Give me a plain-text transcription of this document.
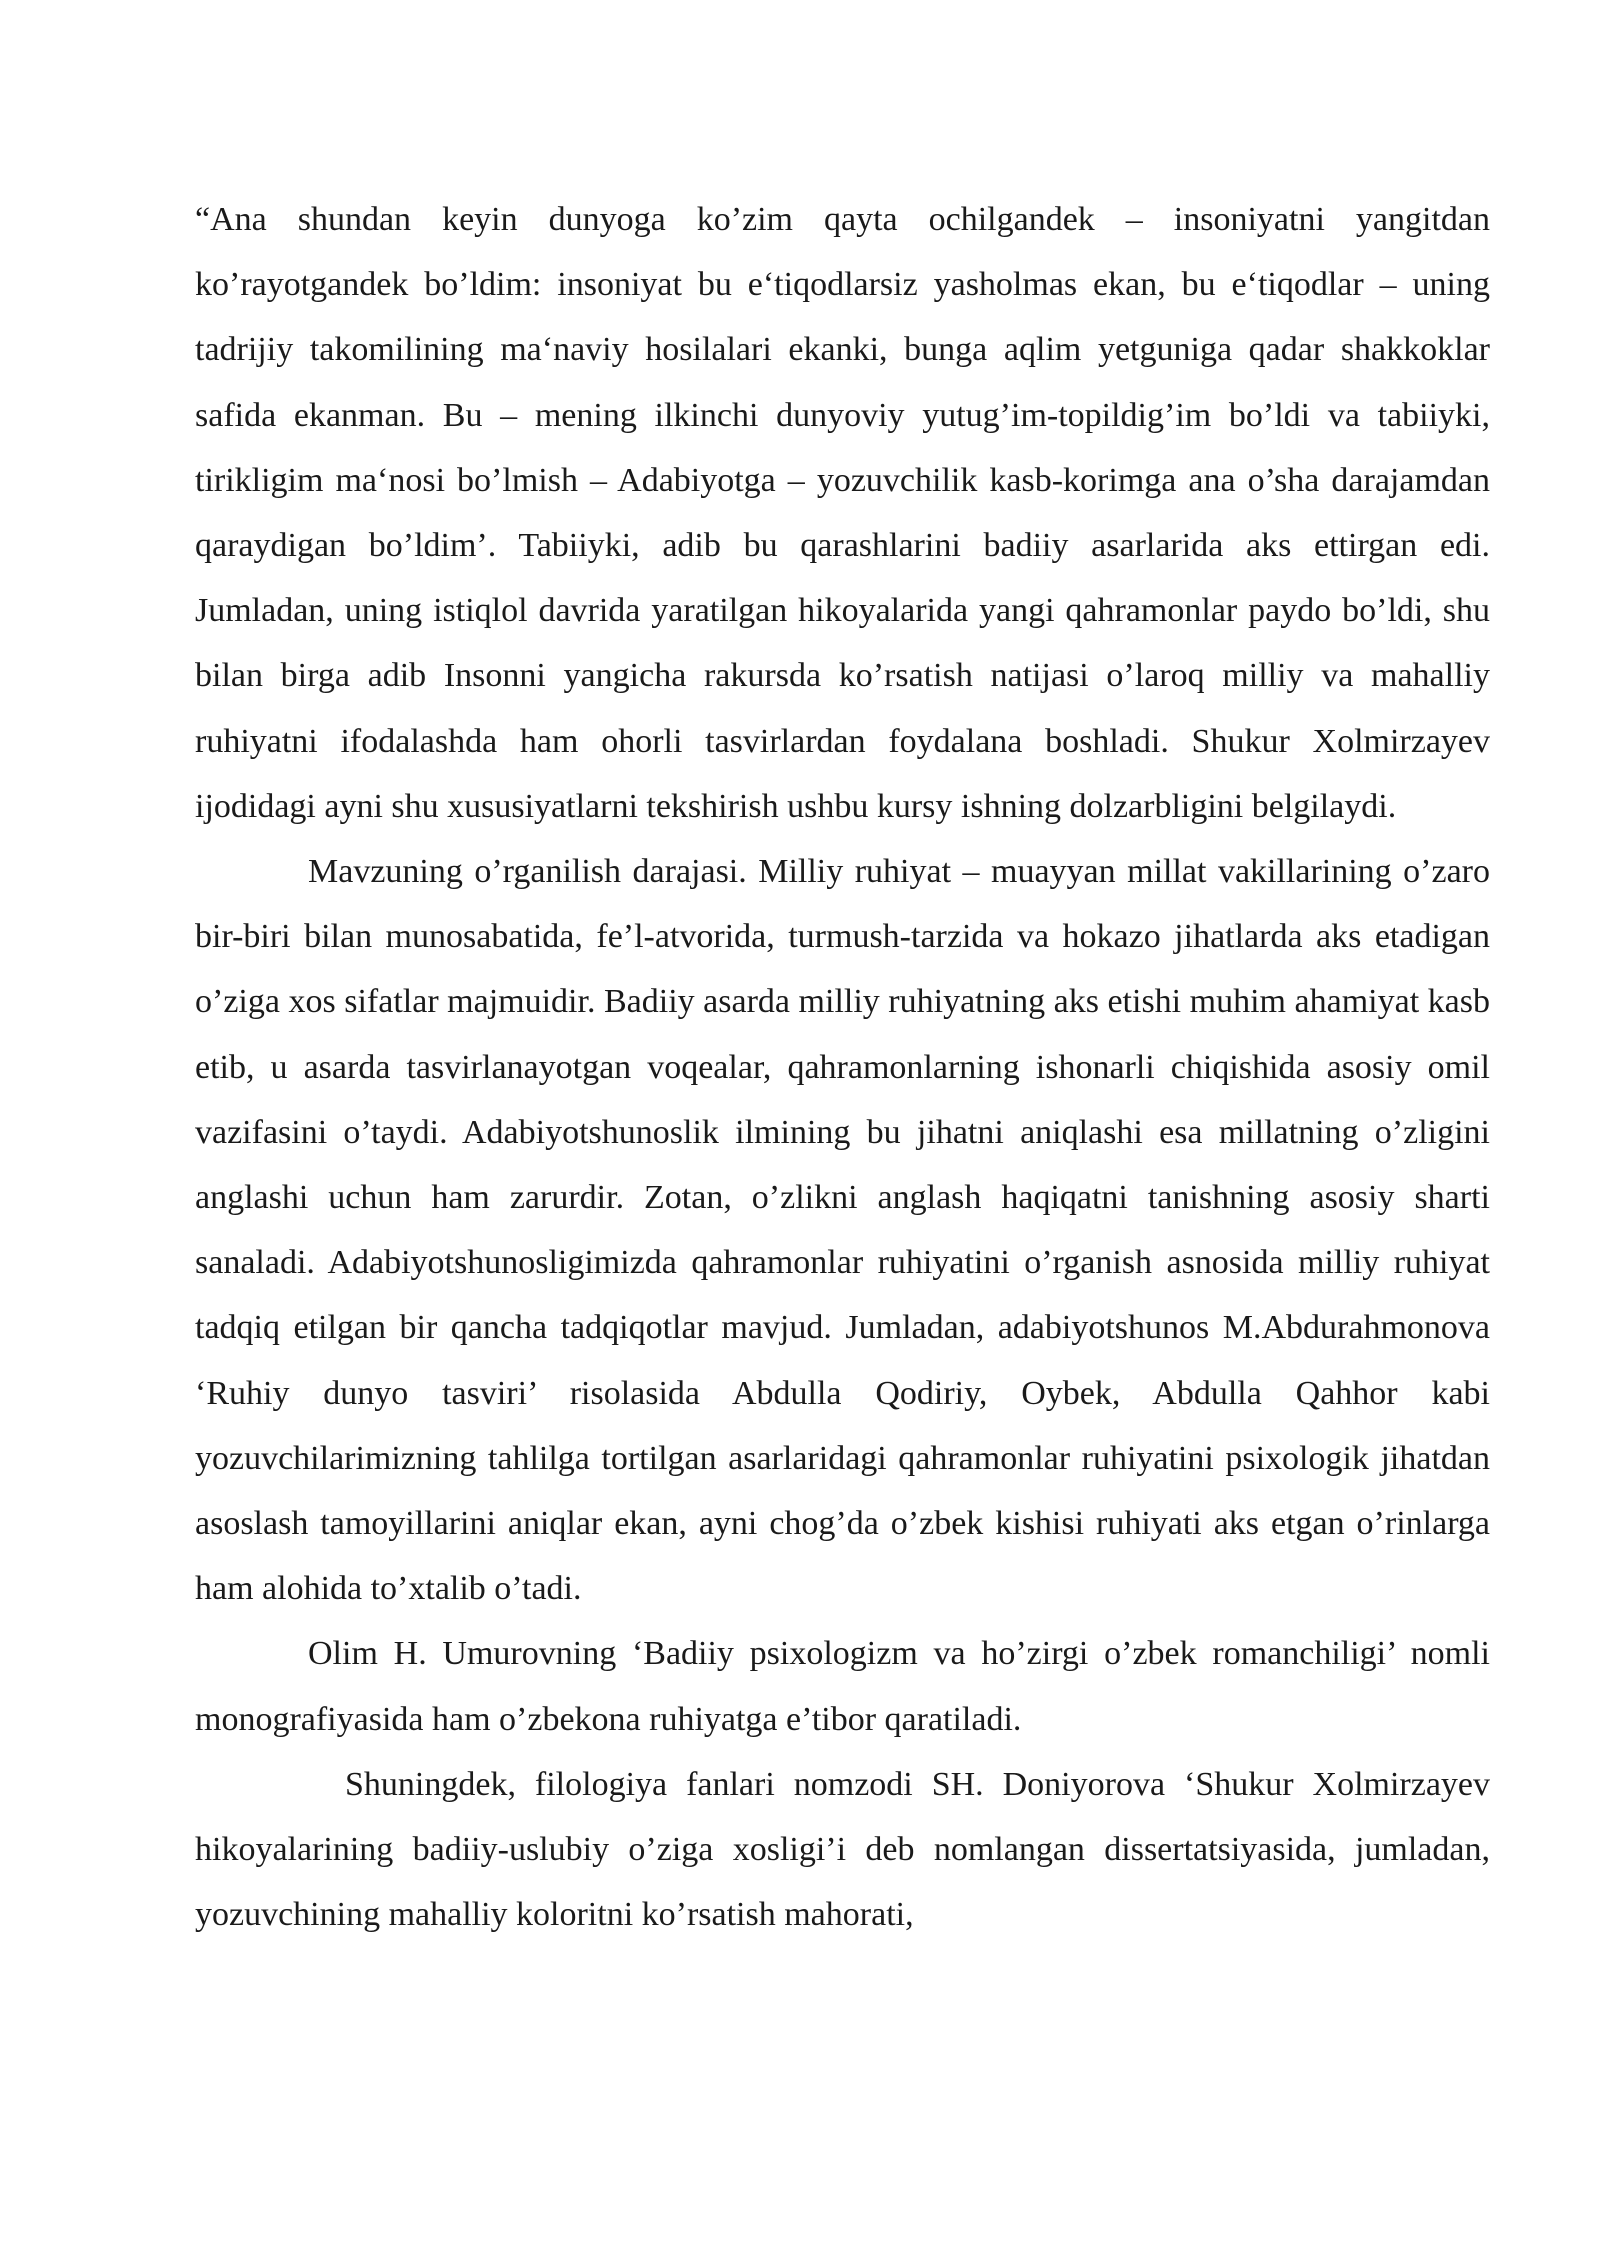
“Ana shundan keyin dunyoga ko’zim qayta ochilgandek – insoniyatni yangitdan ko’rayotgandek bo’ldim: insoniyat bu e‘tiqodlarsiz yasholmas ekan, bu e‘tiqodlar – uning tadrijiy takomilining ma‘naviy hosilalari ekanki, bunga aqlim yetguniga qadar shakkoklar safida ekanman. Bu – mening ilkinchi dunyoviy yutug’im-topildig’im bo’ldi va tabiiyki, tirikligim ma‘nosi bo’lmish – Adabiyotga – yozuvchilik kasb-korimga ana o’sha darajamdan qaraydigan bo’ldim’. Tabiiyki, adib bu qarashlarini badiiy asarlarida aks ettirgan edi. Jumladan, uning istiqlol davrida yaratilgan hikoyalarida yangi qahramonlar paydo bo’ldi, shu bilan birga adib Insonni yangicha rakursda ko’rsatish natijasi o’laroq milliy va mahalliy ruhiyatni ifodalashda ham ohorli tasvirlardan foydalana boshladi. Shukur Xolmirzayev ijodidagi ayni shu xususiyatlarni tekshirish ushbu kursy ishning dolzarbligini belgilaydi.

Mavzuning o’rganilish darajasi. Milliy ruhiyat – muayyan millat vakillarining o’zaro bir-biri bilan munosabatida, fe’l-atvorida, turmush-tarzida va hokazo jihatlarda aks etadigan o’ziga xos sifatlar majmuidir. Badiiy asarda milliy ruhiyatning aks etishi muhim ahamiyat kasb etib, u asarda tasvirlanayotgan voqealar, qahramonlarning ishonarli chiqishida asosiy omil vazifasini o’taydi. Adabiyotshunoslik ilmining bu jihatni aniqlashi esa millatning o’zligini anglashi uchun ham zarurdir. Zotan, o’zlikni anglash haqiqatni tanishning asosiy sharti sanaladi. Adabiyotshunosligimizda qahramonlar ruhiyatini o’rganish asnosida milliy ruhiyat tadqiq etilgan bir qancha tadqiqotlar mavjud. Jumladan, adabiyotshunos M.Abdurahmonova ‘Ruhiy dunyo tasviri’ risolasida Abdulla Qodiriy, Oybek, Abdulla Qahhor kabi yozuvchilarimizning tahlilga tortilgan asarlaridagi qahramonlar ruhiyatini psixologik jihatdan asoslash tamoyillarini aniqlar ekan, ayni chog’da o’zbek kishisi ruhiyati aks etgan o’rinlarga ham alohida to’xtalib o’tadi.

Olim H. Umurovning ‘Badiiy psixologizm va ho’zirgi o’zbek romanchiligi’ nomli monografiyasida ham o’zbekona ruhiyatga e’tibor qaratiladi.

Shuningdek, filologiya fanlari nomzodi SH. Doniyorova ‘Shukur Xolmirzayev hikoyalarining badiiy-uslubiy o’ziga xosligi’i deb nomlangan dissertatsiyasida, jumladan, yozuvchining mahalliy koloritni ko’rsatish mahorati,
